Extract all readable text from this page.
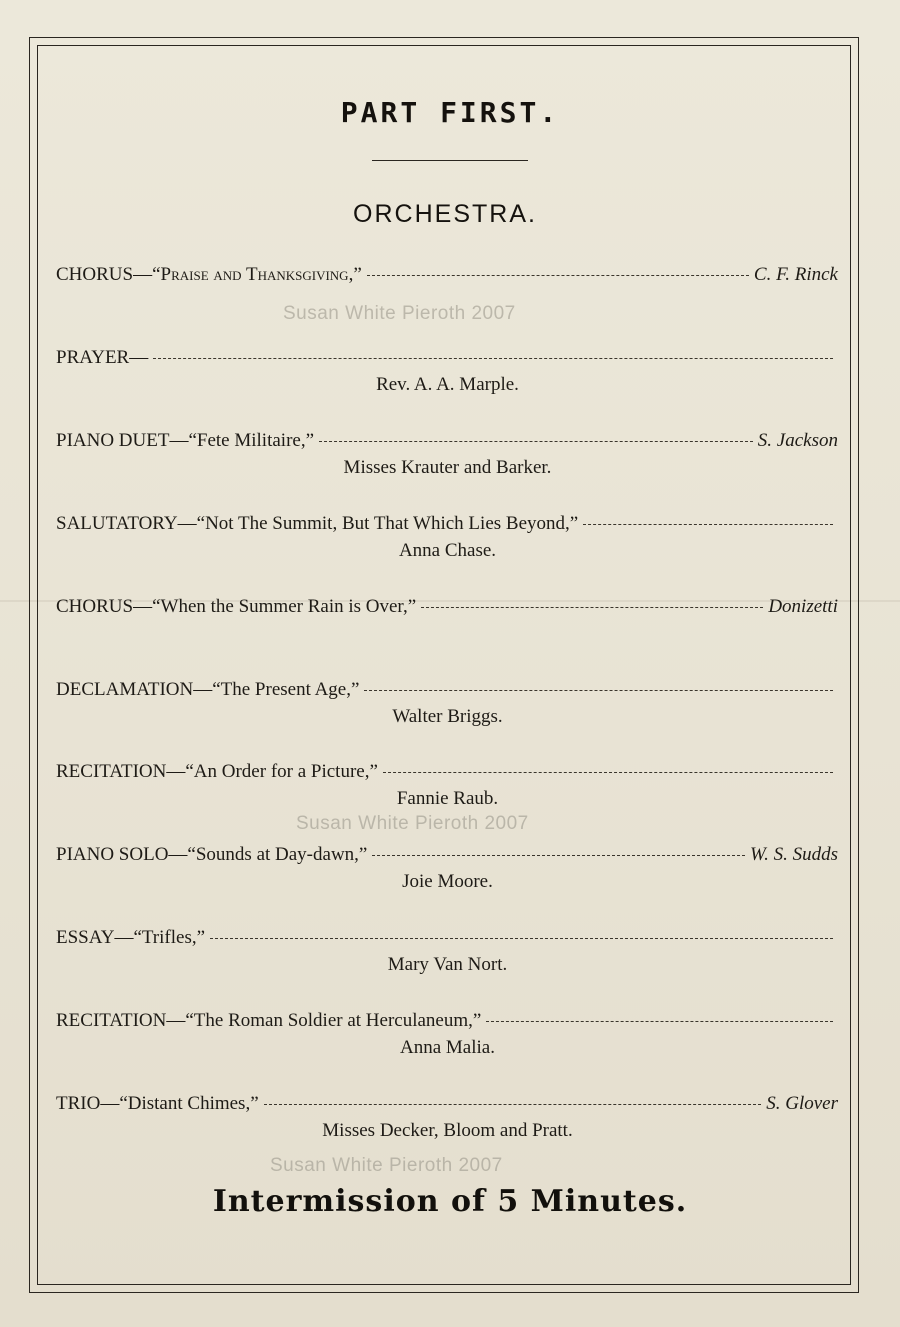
PART FIRST.
ORCHESTRA.
CHORUS—“Praise and Thanksgiving,”	C. F. Rinck
Susan White Pieroth 2007
PRAYER—
Rev. A. A. Marple.
PIANO DUET—“Fete Militaire,”	S. Jackson
Misses Krauter and Barker.
SALUTATORY—“Not The Summit, But That Which Lies Beyond,”
Anna Chase.
CHORUS—“When the Summer Rain is Over,”	Donizetti
DECLAMATION—“The Present Age,”
Walter Briggs.
RECITATION—“An Order for a Picture,”
Fannie Raub.
Susan White Pieroth 2007
PIANO SOLO—“Sounds at Day-dawn,”	W. S. Sudds
Joie Moore.
ESSAY—“Trifles,”
Mary Van Nort.
RECITATION—“The Roman Soldier at Herculaneum,”
Anna Malia.
TRIO—“Distant Chimes,”	S. Glover
Misses Decker, Bloom and Pratt.
Susan White Pieroth 2007
Intermission of 5 Minutes.
